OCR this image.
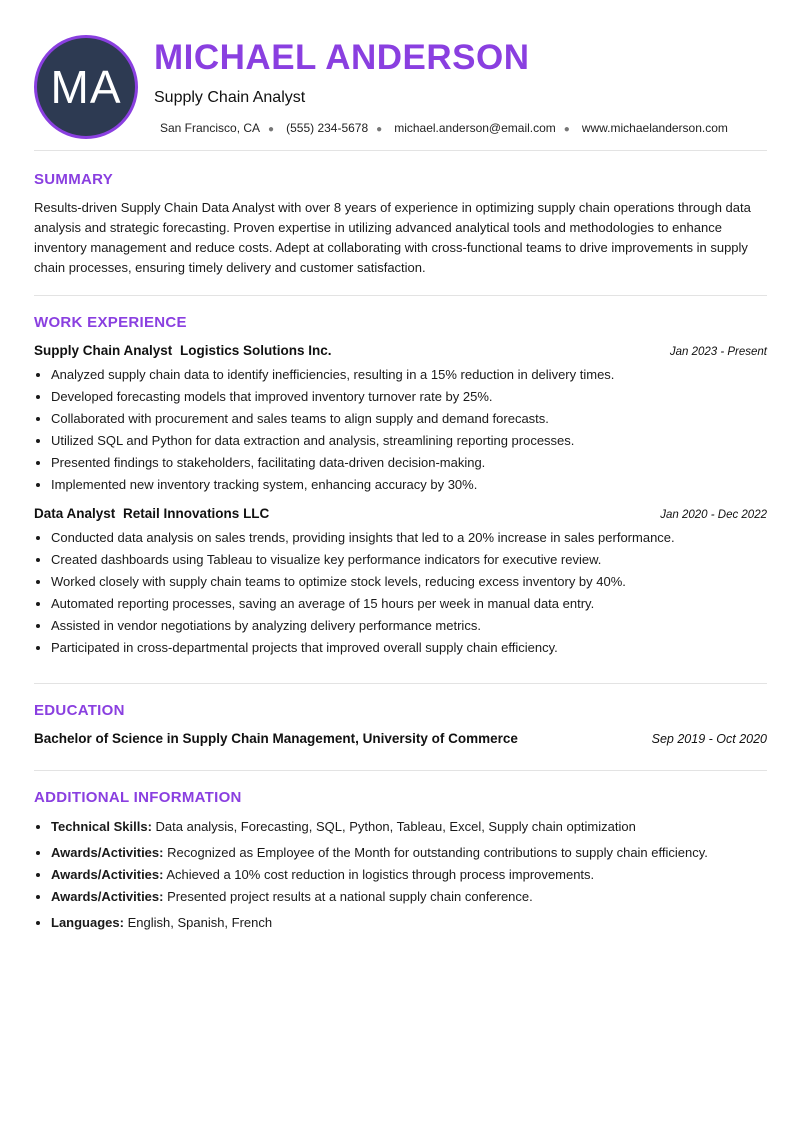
MA
MICHAEL ANDERSON
Supply Chain Analyst
San Francisco, CA ● (555) 234-5678 ● michael.anderson@email.com ● www.michaelanderson.com
SUMMARY

Results-driven Supply Chain Data Analyst with over 8 years of experience in optimizing supply chain operations through data analysis and strategic forecasting. Proven expertise in utilizing advanced analytical tools and methodologies to enhance inventory management and reduce costs. Adept at collaborating with cross-functional teams to drive improvements in supply chain processes, ensuring timely delivery and customer satisfaction.

WORK EXPERIENCE
Supply Chain Analyst Logistics Solutions Inc.	Jan 2023 - Present
• Analyzed supply chain data to identify inefficiencies, resulting in a 15% reduction in delivery times.
• Developed forecasting models that improved inventory turnover rate by 25%.
• Collaborated with procurement and sales teams to align supply and demand forecasts.
• Utilized SQL and Python for data extraction and analysis, streamlining reporting processes.
• Presented findings to stakeholders, facilitating data-driven decision-making.
• Implemented new inventory tracking system, enhancing accuracy by 30%.
Data Analyst Retail Innovations LLC	Jan 2020 - Dec 2022
• Conducted data analysis on sales trends, providing insights that led to a 20% increase in sales performance.
• Created dashboards using Tableau to visualize key performance indicators for executive review.
• Worked closely with supply chain teams to optimize stock levels, reducing excess inventory by 40%.
• Automated reporting processes, saving an average of 15 hours per week in manual data entry.
• Assisted in vendor negotiations by analyzing delivery performance metrics.
• Participated in cross-departmental projects that improved overall supply chain efficiency.
EDUCATION
Bachelor of Science in Supply Chain Management, University of Commerce	Sep 2019 - Oct 2020
ADDITIONAL INFORMATION
• Technical Skills: Data analysis, Forecasting, SQL, Python, Tableau, Excel, Supply chain optimization
• Awards/Activities: Recognized as Employee of the Month for outstanding contributions to supply chain efficiency.
• Awards/Activities: Achieved a 10% cost reduction in logistics through process improvements.
• Awards/Activities: Presented project results at a national supply chain conference.
• Languages: English, Spanish, French
